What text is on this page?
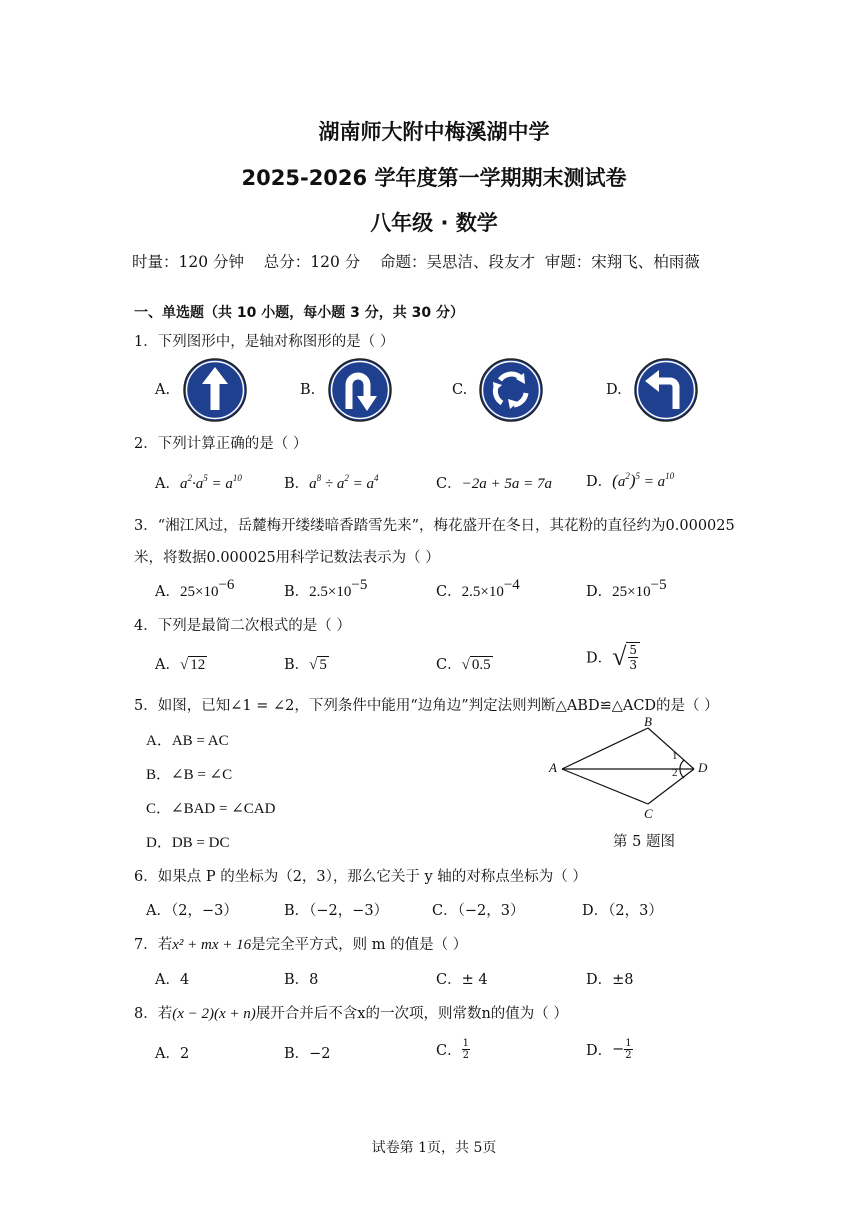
湖南师大附中梅溪湖中学
2025-2026 学年度第一学期期末测试卷
八年级 · 数学
时量：120 分钟    总分：120 分    命题：吴思洁、段友才  审题：宋翔飞、柏雨薇
一、单选题（共 10 小题，每小题 3 分，共 30 分）
1．下列图形中，是轴对称图形的是（ ）
A.	B.	C.	D.
2．下列计算正确的是（ ）
A．$a^2\cdot a^5 = a^{10}$	B．$a^8 \div a^2 = a^4$	C．−2a + 5a = 7a D．$(a^2)^5 = a^{10}$
3．“湘江风过，岳麓梅开缕缕暗香踏雪先来”，梅花盛开在冬日，其花粉的直径约为0.000025
米，将数据0.000025用科学记数法表示为（ ）
A．$25\times 10^{-6}$	B．$2.5\times 10^{-5}$	C．$2.5\times 10^{-4}$	D．$25\times 10^{-5}$
4．下列是最简二次根式的是（ ）
A．√ 12	B．√ 5	C．√ 0.5	D．√ $\frac{5}{3}$
5．如图，已知∠1 = ∠2，下列条件中能用“边角边”判定法则判断△ABD≌△ACD的是（ ）
A．AB = AC
B．∠B = ∠C
C．∠BAD = ∠CAD
D．DB = DC
A
B
C
D
1
2
第 5 题图
6．如果点 P 的坐标为（2，3），那么它关于 y 轴的对称点坐标为（ ）
A．（2，−3）	B．（−2，−3）	C．（−2，3）	D．（2，3）
7．若x² + mx + 16是完全平方式，则 m 的值是（ ）
A．4	B．8	C．± 4	D．±8
8．若(x − 2)(x + n)展开合并后不含x的一次项，则常数n的值为（ ）
A．2	B．−2	C． $\frac{1}{2}$	D．− $\frac{1}{2}$
试卷第 1页，共 5页
